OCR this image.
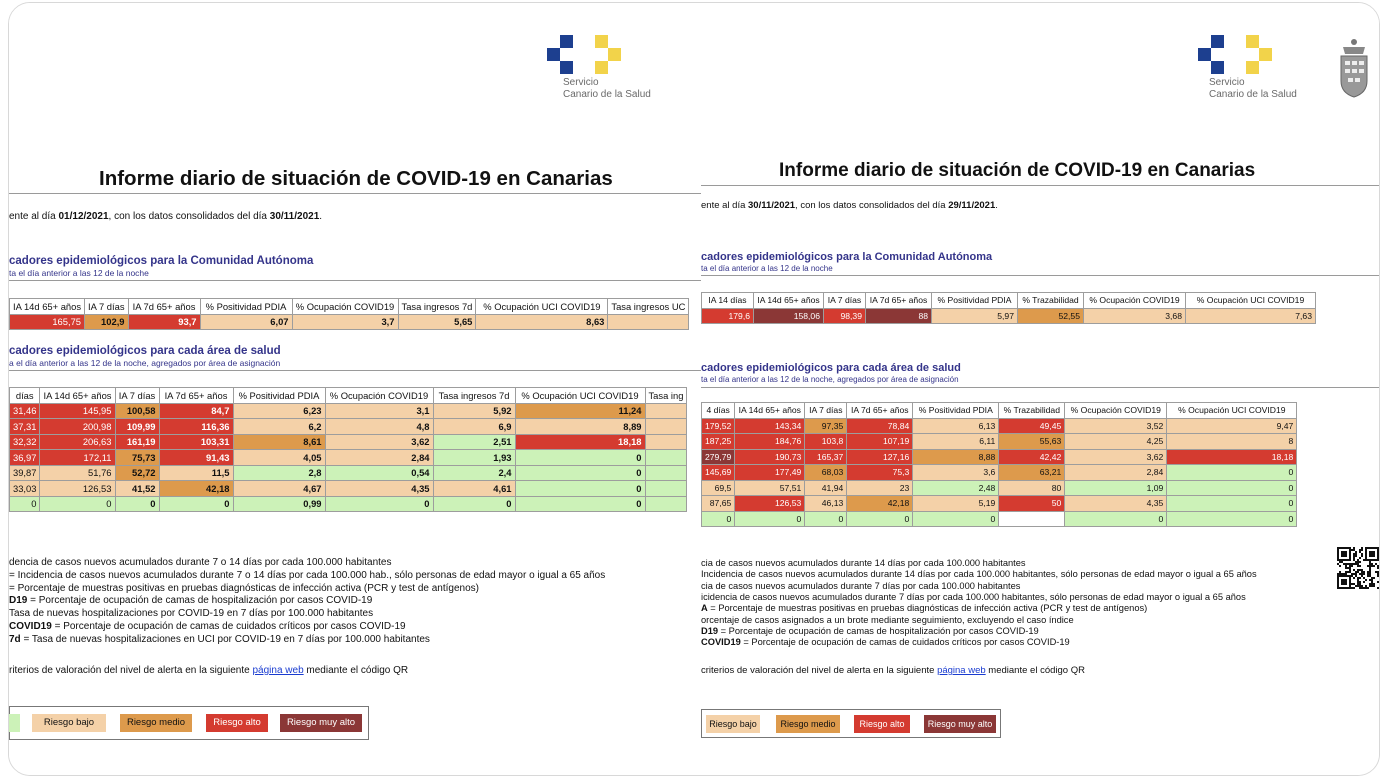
Servicio
Canario de la Salud
Informe diario de situación de COVID-19 en Canarias
ente al día 01/12/2021, con los datos consolidados del día 30/11/2021.
cadores epidemiológicos para la Comunidad Autónoma
ta el día anterior a las 12 de la noche
IA 14d 65+ años	IA 7 días	IA 7d 65+ años	% Positividad PDIA	% Ocupación COVID19	Tasa ingresos 7d	% Ocupación UCI COVID19	Tasa ingresos UC
165,75	102,9	93,7	6,07	3,7	5,65	8,63	
cadores epidemiológicos para cada área de salud
a el día anterior a las 12 de la noche, agregados por área de asignación
días	IA 14d 65+ años	IA 7 días	IA 7d 65+ años	% Positividad PDIA	% Ocupación COVID19	Tasa ingresos 7d	% Ocupación UCI COVID19	Tasa ing
31,46	145,95	100,58	84,7	6,23	3,1	5,92	11,24	
37,31	200,98	109,99	116,36	6,2	4,8	6,9	8,89	
32,32	206,63	161,19	103,31	8,61	3,62	2,51	18,18	
36,97	172,11	75,73	91,43	4,05	2,84	1,93	0	
39,87	51,76	52,72	11,5	2,8	0,54	2,4	0	
33,03	126,53	41,52	42,18	4,67	4,35	4,61	0	
0	0	0	0	0,99	0	0	0	
dencia de casos nuevos acumulados durante 7 o 14 días por cada 100.000 habitantes
= Incidencia de casos nuevos acumulados durante 7 o 14 días por cada 100.000 hab., sólo personas de edad mayor o igual a 65 años
= Porcentaje de muestras positivas en pruebas diagnósticas de infección activa (PCR y test de antígenos)
D19 = Porcentaje de ocupación de camas de hospitalización por casos COVID-19
Tasa de nuevas hospitalizaciones por COVID-19 en 7 días por 100.000 habitantes
COVID19 = Porcentaje de ocupación de camas de cuidados críticos por casos COVID-19
7d = Tasa de nuevas hospitalizaciones en UCI por COVID-19 en 7 días por 100.000 habitantes
riterios de valoración del nivel de alerta en la siguiente página web mediante el código QR
Riesgo bajo	Riesgo medio	Riesgo alto	Riesgo muy alto
Servicio
Canario de la Salud
Informe diario de situación de COVID-19 en Canarias
ente al día 30/11/2021, con los datos consolidados del día 29/11/2021.
cadores epidemiológicos para la Comunidad Autónoma
ta el día anterior a las 12 de la noche
IA 14 días	IA 14d 65+ años	IA 7 días	IA 7d 65+ años	% Positividad PDIA	% Trazabilidad	% Ocupación COVID19	% Ocupación UCI COVID19
179,6	158,06	98,39	88	5,97	52,55	3,68	7,63
cadores epidemiológicos para cada área de salud
ta el día anterior a las 12 de la noche, agregados por área de asignación
4 días	IA 14d 65+ años	IA 7 días	IA 7d 65+ años	% Positividad PDIA	% Trazabilidad	% Ocupación COVID19	% Ocupación UCI COVID19
179,52	143,34	97,35	78,84	6,13	49,45	3,52	9,47
187,25	184,76	103,8	107,19	6,11	55,63	4,25	8
279,79	190,73	165,37	127,16	8,88	42,42	3,62	18,18
145,69	177,49	68,03	75,3	3,6	63,21	2,84	0
69,5	57,51	41,94	23	2,48	80	1,09	0
87,65	126,53	46,13	42,18	5,19	50	4,35	0
0	0	0	0	0		0	0
cia de casos nuevos acumulados durante 14 días por cada 100.000 habitantes
Incidencia de casos nuevos acumulados durante 14 días por cada 100.000 habitantes, sólo personas de edad mayor o igual a 65 años
cia de casos nuevos acumulados durante 7 días por cada 100.000 habitantes
icidencia de casos nuevos acumulados durante 7 días por cada 100.000 habitantes, sólo personas de edad mayor o igual a 65 años
A = Porcentaje de muestras positivas en pruebas diagnósticas de infección activa (PCR y test de antígenos)
orcentaje de casos asignados a un brote mediante seguimiento, excluyendo el caso índice
D19 = Porcentaje de ocupación de camas de hospitalización por casos COVID-19
COVID19 = Porcentaje de ocupación de camas de cuidados críticos por casos COVID-19
criterios de valoración del nivel de alerta en la siguiente página web mediante el código QR
Riesgo bajo	Riesgo medio	Riesgo alto	Riesgo muy alto
